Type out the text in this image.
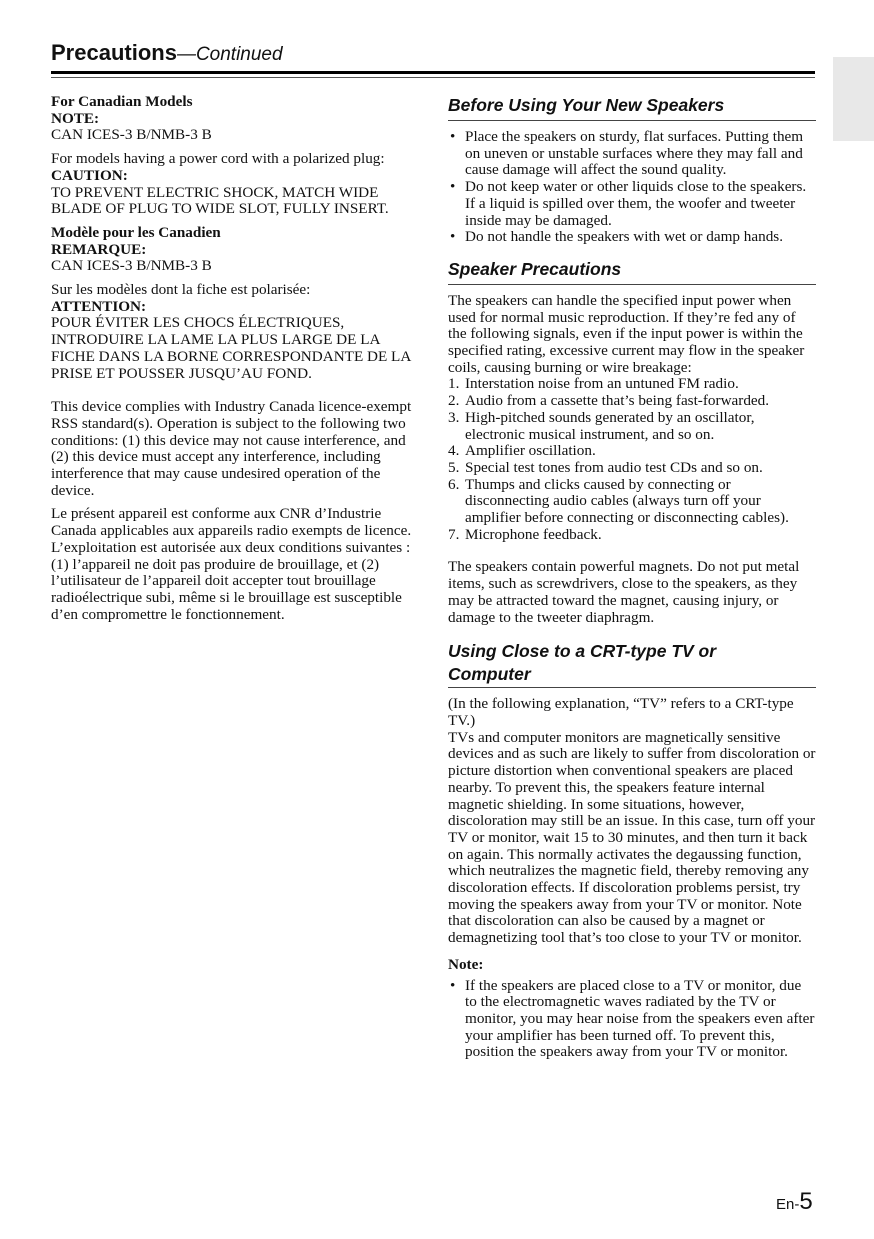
Precautions—Continued
For Canadian Models
NOTE:

CAN ICES-3 B/NMB-3 B

For models having a power cord with a polarized plug:
CAUTION:

TO PREVENT ELECTRIC SHOCK, MATCH WIDE BLADE OF PLUG TO WIDE SLOT, FULLY INSERT.

Modèle pour les Canadien
REMARQUE:

CAN ICES-3 B/NMB-3 B

Sur les modèles dont la fiche est polarisée:
ATTENTION:

POUR ÉVITER LES CHOCS ÉLECTRIQUES, INTRODUIRE LA LAME LA PLUS LARGE DE LA FICHE DANS LA BORNE CORRESPONDANTE DE LA PRISE ET POUSSER JUSQU’AU FOND.

This device complies with Industry Canada licence-exempt RSS standard(s). Operation is subject to the following two conditions: (1) this device may not cause interference, and (2) this device must accept any interference, including interference that may cause undesired operation of the device.

Le présent appareil est conforme aux CNR d’Industrie Canada applicables aux appareils radio exempts de licence. L’exploitation est autorisée aux deux conditions suivantes : (1) l’appareil ne doit pas produire de brouillage, et (2) l’utilisateur de l’appareil doit accepter tout brouillage radioélectrique subi, même si le brouillage est susceptible d’en compromettre le fonctionnement.

Before Using Your New Speakers
• Place the speakers on sturdy, flat surfaces. Putting them on uneven or unstable surfaces where they may fall and cause damage will affect the sound quality.
• Do not keep water or other liquids close to the speakers. If a liquid is spilled over them, the woofer and tweeter inside may be damaged.
• Do not handle the speakers with wet or damp hands.
Speaker Precautions
The speakers can handle the specified input power when used for normal music reproduction. If they’re fed any of the following signals, even if the input power is within the specified rating, excessive current may flow in the speaker coils, causing burning or wire breakage:
1. Interstation noise from an untuned FM radio.
2. Audio from a cassette that’s being fast-forwarded.
3. High-pitched sounds generated by an oscillator, electronic musical instrument, and so on.
4. Amplifier oscillation.
5. Special test tones from audio test CDs and so on.
6. Thumps and clicks caused by connecting or disconnecting audio cables (always turn off your amplifier before connecting or disconnecting cables).
7. Microphone feedback.

The speakers contain powerful magnets. Do not put metal items, such as screwdrivers, close to the speakers, as they may be attracted toward the magnet, causing injury, or damage to the tweeter diaphragm.

Using Close to a CRT-type TV or Computer
(In the following explanation, “TV” refers to a CRT-type TV.)

TVs and computer monitors are magnetically sensitive devices and as such are likely to suffer from discoloration or picture distortion when conventional speakers are placed nearby. To prevent this, the speakers feature internal magnetic shielding. In some situations, however, discoloration may still be an issue. In this case, turn off your TV or monitor, wait 15 to 30 minutes, and then turn it back on again. This normally activates the degaussing function, which neutralizes the magnetic field, thereby removing any discoloration effects. If discoloration problems persist, try moving the speakers away from your TV or monitor. Note that discoloration can also be caused by a magnet or demagnetizing tool that’s too close to your TV or monitor.

Note:
• If the speakers are placed close to a TV or monitor, due to the electromagnetic waves radiated by the TV or monitor, you may hear noise from the speakers even after your amplifier has been turned off. To prevent this, position the speakers away from your TV or monitor.
En-5
